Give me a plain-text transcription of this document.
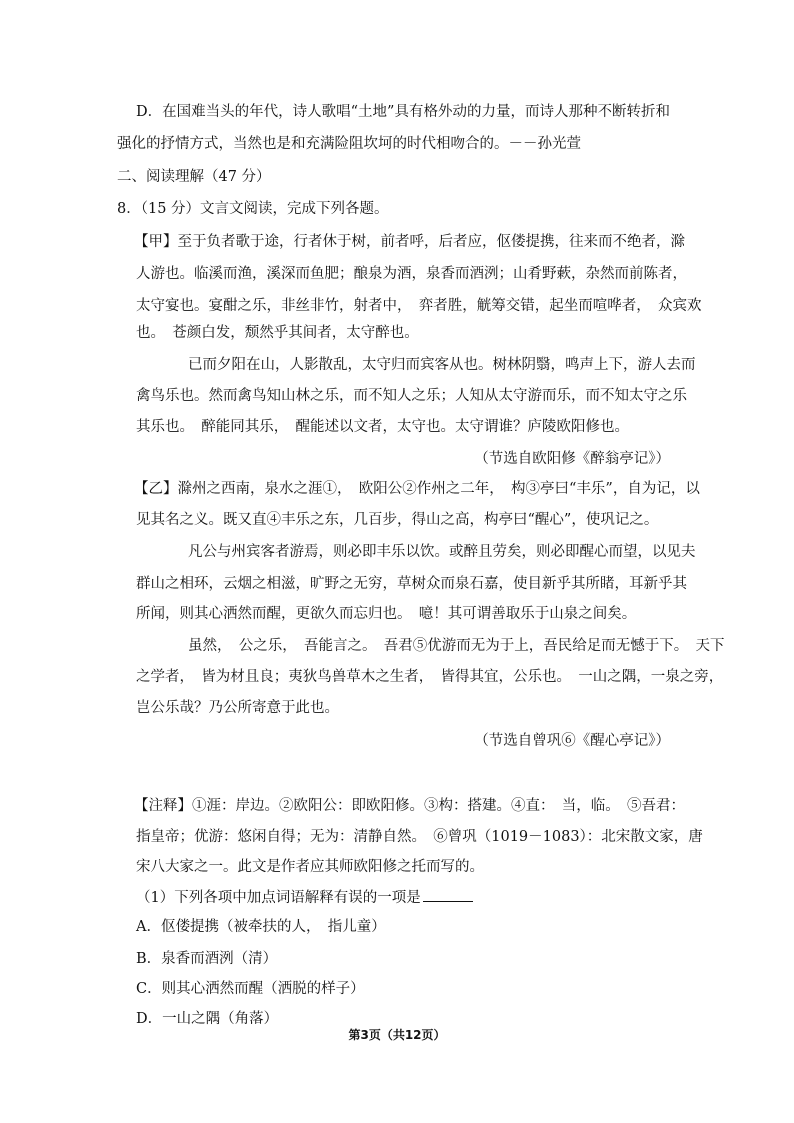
D．在国难当头的年代，诗人歌唱“土地”具有格外动的力量，而诗人那种不断转折和
强化的抒情方式，当然也是和充满险阻坎坷的时代相吻合的。－－孙光萱
二、阅读理解（47 分）
8．（15 分）文言文阅读，完成下列各题。
【甲】至于负者歌于途，行者休于树，前者呼，后者应，伛偻提携，往来而不绝者，滁
人游也。临溪而渔，溪深而鱼肥；酿泉为酒，泉香而酒洌；山肴野蔌，杂然而前陈者，
太守宴也。宴酣之乐，非丝非竹，射者中，　弈者胜，觥筹交错，起坐而喧哗者，　众宾欢
也。　苍颜白发，颓然乎其间者，太守醉也。
已而夕阳在山，人影散乱，太守归而宾客从也。树林阴翳，鸣声上下，游人去而
禽鸟乐也。然而禽鸟知山林之乐，而不知人之乐；人知从太守游而乐，而不知太守之乐
其乐也。　醉能同其乐，　醒能述以文者，太守也。太守谓谁？庐陵欧阳修也。
（节选自欧阳修《醉翁亭记》）
【乙】滁州之西南，泉水之涯①，　欧阳公②作州之二年，　构③亭曰“丰乐”，自为记，以
见其名之义。既又直④丰乐之东，几百步，得山之高，构亭曰“醒心”，使巩记之。
凡公与州宾客者游焉，则必即丰乐以饮。或醉且劳矣，则必即醒心而望，以见夫
群山之相环，云烟之相滋，旷野之无穷，草树众而泉石嘉，使目新乎其所睹，耳新乎其
所闻，则其心洒然而醒，更欲久而忘归也。　噫！其可谓善取乐于山泉之间矣。
虽然，　公之乐，　吾能言之。　吾君⑤优游而无为于上，吾民给足而无憾于下。　天下
之学者，　皆为材且良；夷狄鸟兽草木之生者，　皆得其宜，公乐也。　一山之隅，一泉之旁，
岂公乐哉？乃公所寄意于此也。
（节选自曾巩⑥《醒心亭记》）
【注释】①涯：岸边。②欧阳公：即欧阳修。③构：搭建。④直：　当，临。　⑤吾君：
指皇帝；优游：悠闲自得；无为：清静自然。　⑥曾巩（1019－1083）：北宋散文家，唐
宋八大家之一。此文是作者应其师欧阳修之托而写的。
（1）下列各项中加点词语解释有误的一项是
A．伛偻提携（被牵扶的人，　指儿童）
B．泉香而酒洌（清）
C．则其心洒然而醒（洒脱的样子）
D．一山之隅（角落）
第3页（共12页）
